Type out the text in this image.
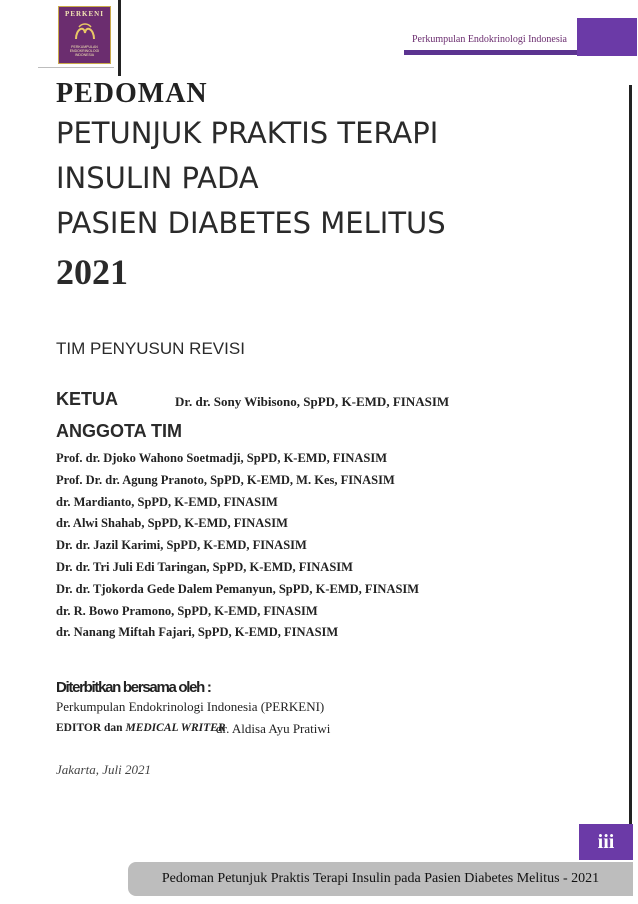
PERKENI
PERKUMPULAN ENDOKRINOLOGI INDONESIA
Perkumpulan Endokrinologi Indonesia
PEDOMAN
PETUNJUK PRAKTIS TERAPI
INSULIN PADA
PASIEN DIABETES MELITUS
2021
TIM PENYUSUN REVISI
KETUA	Dr. dr. Sony Wibisono, SpPD, K-EMD, FINASIM
ANGGOTA TIM
Prof. dr. Djoko Wahono Soetmadji, SpPD, K-EMD, FINASIM
Prof. Dr. dr. Agung Pranoto, SpPD, K-EMD, M. Kes, FINASIM
dr. Mardianto, SpPD, K-EMD, FINASIM
dr. Alwi Shahab, SpPD, K-EMD, FINASIM
Dr. dr. Jazil Karimi, SpPD, K-EMD, FINASIM
Dr. dr. Tri Juli Edi Taringan, SpPD, K-EMD, FINASIM
Dr. dr. Tjokorda Gede Dalem Pemanyun, SpPD, K-EMD, FINASIM
dr. R. Bowo Pramono, SpPD, K-EMD, FINASIM
dr. Nanang Miftah Fajari, SpPD, K-EMD, FINASIM
Diterbitkan bersama oleh :
Perkumpulan Endokrinologi Indonesia (PERKENI)
EDITOR dan MEDICAL WRITER
dr. Aldisa Ayu Pratiwi
Jakarta, Juli 2021
iii
Pedoman Petunjuk Praktis Terapi Insulin pada Pasien Diabetes Melitus - 2021
